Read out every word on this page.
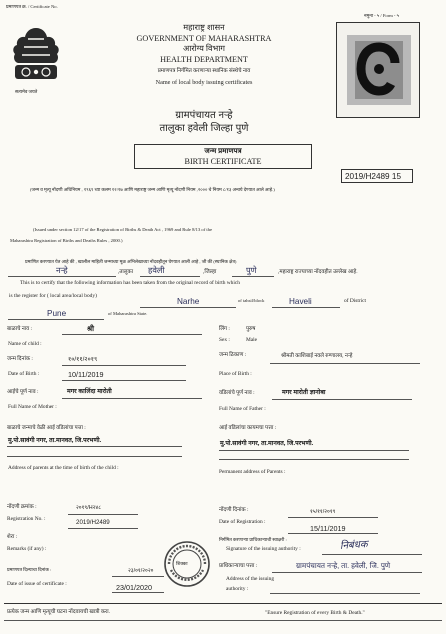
प्रमाणपत्र क्र. / Certificate No.
नमुना - ५ / Form - ५
सत्यमेव जयते
महाराष्ट्र शासन
GOVERNMENT OF MAHARASHTRA
आरोग्य विभाग
HEALTH DEPARTMENT
प्रमाणपत्र निर्गमित करणाऱ्या स्थानिक संस्थेचे नाव
Name of local body issuing certificates
ग्रामपंचायत नऱ्हे
तालुका हवेली जिल्हा पुणे
जन्म प्रमाणपत्र
BIRTH CERTIFICATE
2019/H2489 15
(जन्म व मृत्यू नोंदणी अधिनियम , १९६९ च्या कलम १२/१७ आणि महाराष्ट्र जन्म आणि मृत्यू नोंदणी नियम ,२००० चे नियम ८/१३ अन्वये देण्यात आले आहे.)
(Issued under section 12/17 of the Registration of Births & Death Act , 1969 and Rule 8/13 of the
Maharashtra Registration of Births and Deaths Rules , 2000.)
प्रमाणित करण्यात येत आहे की , खालील माहिती जन्माच्या मूळ अभिलेखाच्या नोंदवहीतून घेण्यात आली आहे , जी की (स्थानिक क्षेत्र)
नऱ्हे	,तालुका हवेली	,जिल्हा	पुणे	,महाराष्ट्र राज्याच्या नोंदवहीत उल्लेख आहे.
This is to certify that the following information has been taken from the original record of birth which
is the register for ( local area/local body)
Narhe	of tahsil/block	Haveli	of District
Pune	of Maharashtra State.
बाळाचे नाव :	श्री
Name of child :
लिंग :	पुरुष
Sex :	Male
जन्म दिनांक :	१०/११/२०१९
Date of Birth :	10/11/2019
जन्म ठिकाण :	श्रीमती काशिबाई नवले रुग्णालय, नऱ्हे
Place of Birth :
आईचे पूर्ण नाव :	मगर कालिंदा मारोती
Full Name of Mother :
वडिलांचे पूर्ण नाव :	मगर मारोती ज्ञानोबा
Full Name of Father :
बाळाचे जन्माचे वेळी आई वडिलांचा पत्ता :
मु.पो.सावंगी नगर, ता.मानवत, जि.परभणी.
Address of parents at the time of birth of the child :
आई वडिलांचा कायमचा पत्ता :
मु.पो.सावंगी नगर, ता.मानवत, जि.परभणी.
Permanent address of Parents :
नोंदणी क्रमांक :	२०१९/H२४८
Registration No. :	2019/H2489
नोंदणी दिनांक :	१५/११/२०१९
Date of Registration :
15/11/2019
शेरा :
Remarks (if any) :
निर्गमित करणाऱ्या प्राधिकाऱ्याची स्वाक्षरी :
Signature of the issuing authority :	निबंधक
प्रमाणपत्र दिल्याचा दिनांक :	२३/०१/२०२०
Date of issue of certificate :	23/01/2020
शिक्का	प्राधिकाऱ्याचा पत्ता :
Address of the issuing
authority :
ग्रामपंचायत नऱ्हे, ता. हवेली, जि. पुणे
प्रत्येक जन्म आणि मृत्यूची घटना नोंदवायची खात्री करा.	"Ensure Registration of every Birth & Death."
